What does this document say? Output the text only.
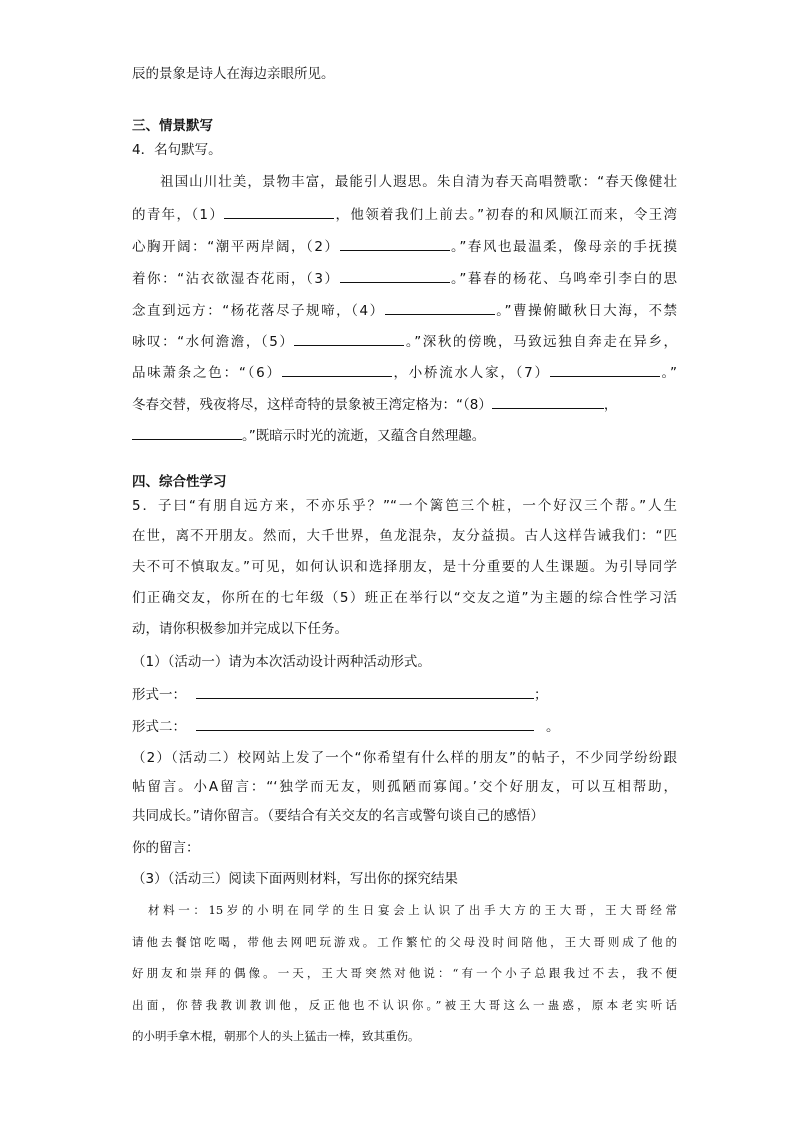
辰的景象是诗人在海边亲眼所见。
三、情景默写
4．名句默写。
祖国山川壮美，景物丰富，最能引人遐思。朱自清为春天高唱赞歌：“春天像健壮
的青年，（1）	，他领着我们上前去。”初春的和风顺江而来，令王湾
心胸开阔：“潮平两岸阔，（2）	。”春风也最温柔，像母亲的手抚摸
着你：“沾衣欲湿杏花雨，（3）	。”暮春的杨花、乌鸣牵引李白的思
念直到远方：“杨花落尽子规啼，（4）	。”曹操俯瞰秋日大海，不禁
咏叹：“水何澹澹，（5）	。”深秋的傍晚，马致远独自奔走在异乡，
品味萧条之色：“（6）	，小桥流水人家，（7）	。”
冬春交替，残夜将尽，这样奇特的景象被王湾定格为：“（8）	，
。”既暗示时光的流逝，又蕴含自然理趣。
四、综合性学习
5．子曰“有朋自远方来，不亦乐乎？”“一个篱笆三个桩，一个好汉三个帮。”人生
在世，离不开朋友。然而，大千世界，鱼龙混杂，友分益损。古人这样告诫我们：“匹
夫不可不慎取友。”可见，如何认识和选择朋友，是十分重要的人生课题。为引导同学
们正确交友，你所在的七年级（5）班正在举行以“交友之道”为主题的综合性学习活
动，请你积极参加并完成以下任务。
（1）（活动一）请为本次活动设计两种活动形式。
形式一：	；
形式二：	。
（2）（活动二）校网站上发了一个“你希望有什么样的朋友”的帖子，不少同学纷纷跟
帖留言。小A留言：“‘独学而无友，则孤陋而寡闻。’交个好朋友，可以互相帮助，
共同成长。”请你留言。（要结合有关交友的名言或警句谈自己的感悟）
你的留言：
（3）（活动三）阅读下面两则材料，写出你的探究结果
材料一：15岁的小明在同学的生日宴会上认识了出手大方的王大哥，王大哥经常
请他去餐馆吃喝，带他去网吧玩游戏。工作繁忙的父母没时间陪他，王大哥则成了他的
好朋友和崇拜的偶像。一天，王大哥突然对他说：“有一个小子总跟我过不去，我不便
出面，你替我教训教训他，反正他也不认识你。”被王大哥这么一蛊惑，原本老实听话
的小明手拿木棍，朝那个人的头上猛击一棒，致其重伤。
